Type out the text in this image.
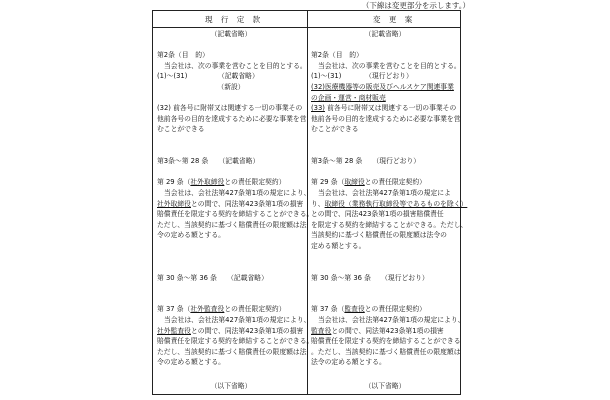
（下線は変更部分を示します。）
現 行 定 款	変 更 案
（記載省略）
第2条（目　的）
当会社は、次の事業を営むことを目的とする。
(1)〜(31)　　　　　（記載省略）
（新設）
(32) 前各号に附帯又は関連する一切の事業その
他前各号の目的を達成するために必要な事業を営
むことができる
第3条〜第 28 条　　（記載省略）
第 29 条（社外取締役との責任限定契約）
当会社は、会社法第427条第1項の規定により、
社外取締役との間で、同法第423条第1項の損害
賠償責任を限定する契約を締結することができる。
ただし、当該契約に基づく賠償責任の限度額は法
令の定める額とする。
第 30 条〜第 36 条　　（記載省略）
第 37 条（社外監査役との責任限定契約）
当会社は、会社法第427条第1項の規定により、
社外監査役との間で、同法第423条第1項の損害
賠償責任を限定する契約を締結することができる。
ただし、当該契約に基づく賠償責任の限度額は法
令の定める額とする。
（以下省略）
（記載省略）
第2条（目　的）
当会社は、次の事業を営むことを目的とする。
(1)〜(31)　　　　（現行どおり）
(32)医療機器等の販売及びヘルスケア関連事業
の企画・運営・商材販売
(33) 前各号に附帯又は関連する一切の事業その
他前各号の目的を達成するために必要な事業を営
むことができる
第3条〜第 28 条　　（現行どおり）
第 29 条（取締役との責任限定契約）
当会社は、会社法第427条第1項の規定によ
り、取締役（業務執行取締役等であるものを除く）
との間で、同法423条第1項の損害賠償責任
を限定する契約を締結することができる。ただし、
当該契約に基づく賠償責任の限度額は法令の
定める額とする。
第 30 条〜第 36 条　　（現行どおり）
第 37 条（監査役との責任限定契約）
当会社は、会社法第427条第1項の規定により、
監査役との間で、同法第423条第1項の損害
賠償責任を限定する契約を締結することができる
。ただし、当該契約に基づく賠償責任の限度額は
法令の定める額とする。
（以下省略）
